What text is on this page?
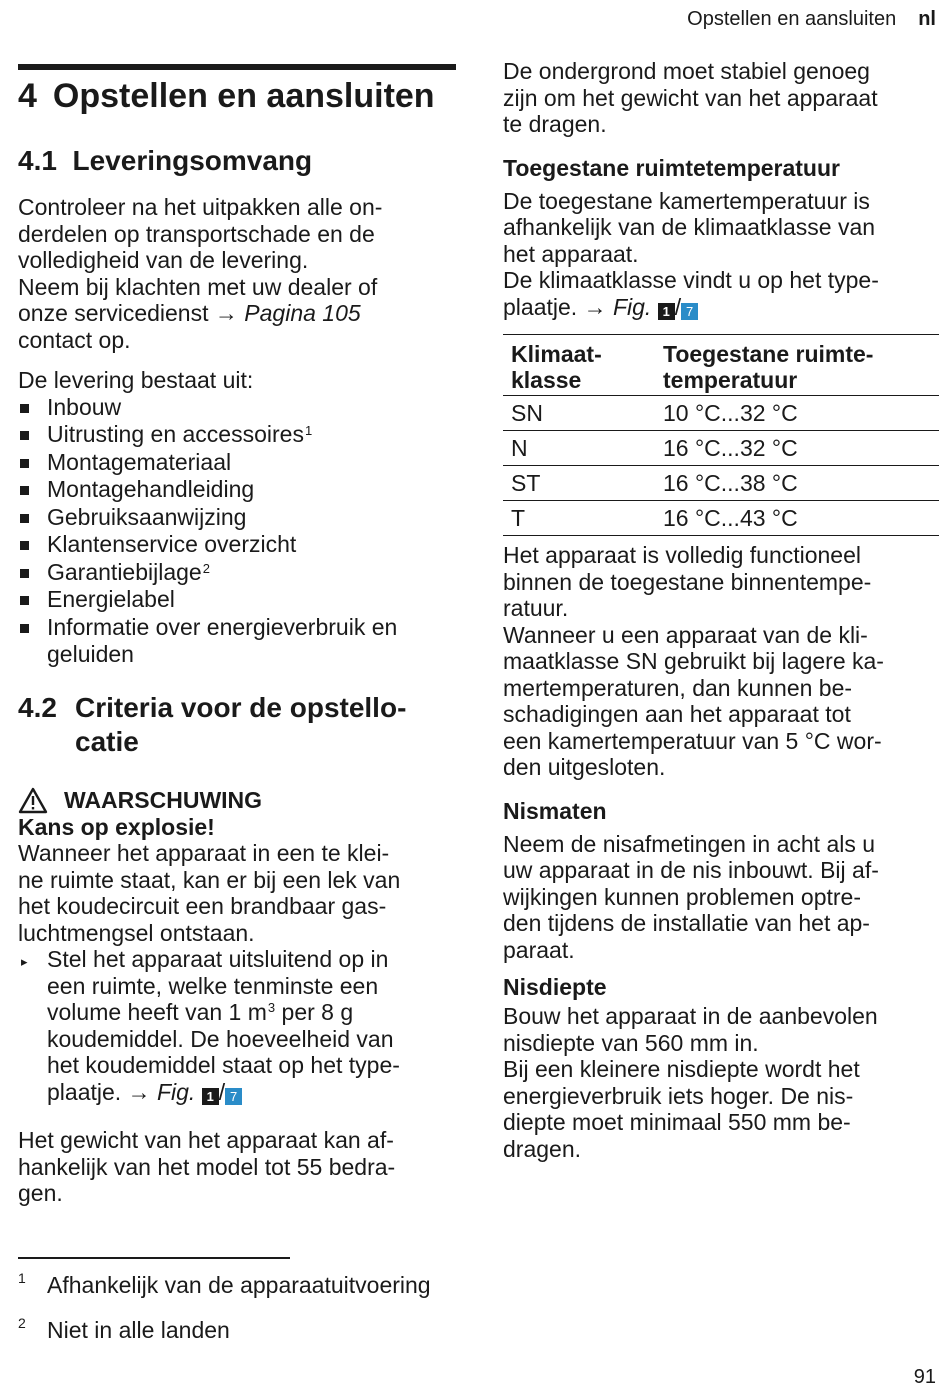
Opstellen en aansluiten nl
4 Opstellen en aansluiten
4.1 Leveringsomvang

Controleer na het uitpakken alle on-
derdelen op transportschade en de
volledigheid van de levering.
Neem bij klachten met uw dealer of
onze servicedienst → Pagina 105
contact op.

De levering bestaat uit:

Inbouw
Uitrusting en accessoires$^1$
Montagemateriaal
Montagehandleiding
Gebruiksaanwijzing
Klantenservice overzicht
Garantiebijlage$^2$
Energielabel
Informatie over energieverbruik en
geluiden
4.2 Criteria voor de opstello-
catie
WAARSCHUWING
Kans op explosie!

Wanneer het apparaat in een te klei-
ne ruimte staat, kan er bij een lek van
het koudecircuit een brandbaar gas-
luchtmengsel ontstaan.

▸ Stel het apparaat uitsluitend op in
een ruimte, welke tenminste een
volume heeft van 1 $m^3$ per 8 g
koudemiddel. De hoeveelheid van
het koudemiddel staat op het type-
plaatje. → Fig. 1 / 7

Het gewicht van het apparaat kan af-
hankelijk van het model tot 55 bedra-
gen.

De ondergrond moet stabiel genoeg
zijn om het gewicht van het apparaat
te dragen.

Toegestane ruimtetemperatuur

De toegestane kamertemperatuur is
afhankelijk van de klimaatklasse van
het apparaat.
De klimaatklasse vindt u op het type-
plaatje. → Fig. 1 / 7

Klimaat-
klasse	Toegestane ruimte-
temperatuur
SN	10 °C...32 °C
N	16 °C...32 °C
ST	16 °C...38 °C
T	16 °C...43 °C

Het apparaat is volledig functioneel
binnen de toegestane binnentempe-
ratuur.
Wanneer u een apparaat van de kli-
maatklasse SN gebruikt bij lagere ka-
mertemperaturen, dan kunnen be-
schadigingen aan het apparaat tot
een kamertemperatuur van 5 °C wor-
den uitgesloten.

Nismaten

Neem de nisafmetingen in acht als u
uw apparaat in de nis inbouwt. Bij af-
wijkingen kunnen problemen optre-
den tijdens de installatie van het ap-
paraat.

Nisdiepte

Bouw het apparaat in de aanbevolen
nisdiepte van 560 mm in.
Bij een kleinere nisdiepte wordt het
energieverbruik iets hoger. De nis-
diepte moet minimaal 550 mm be-
dragen.

1 Afhankelijk van de apparaatuitvoering
2 Niet in alle landen
91
